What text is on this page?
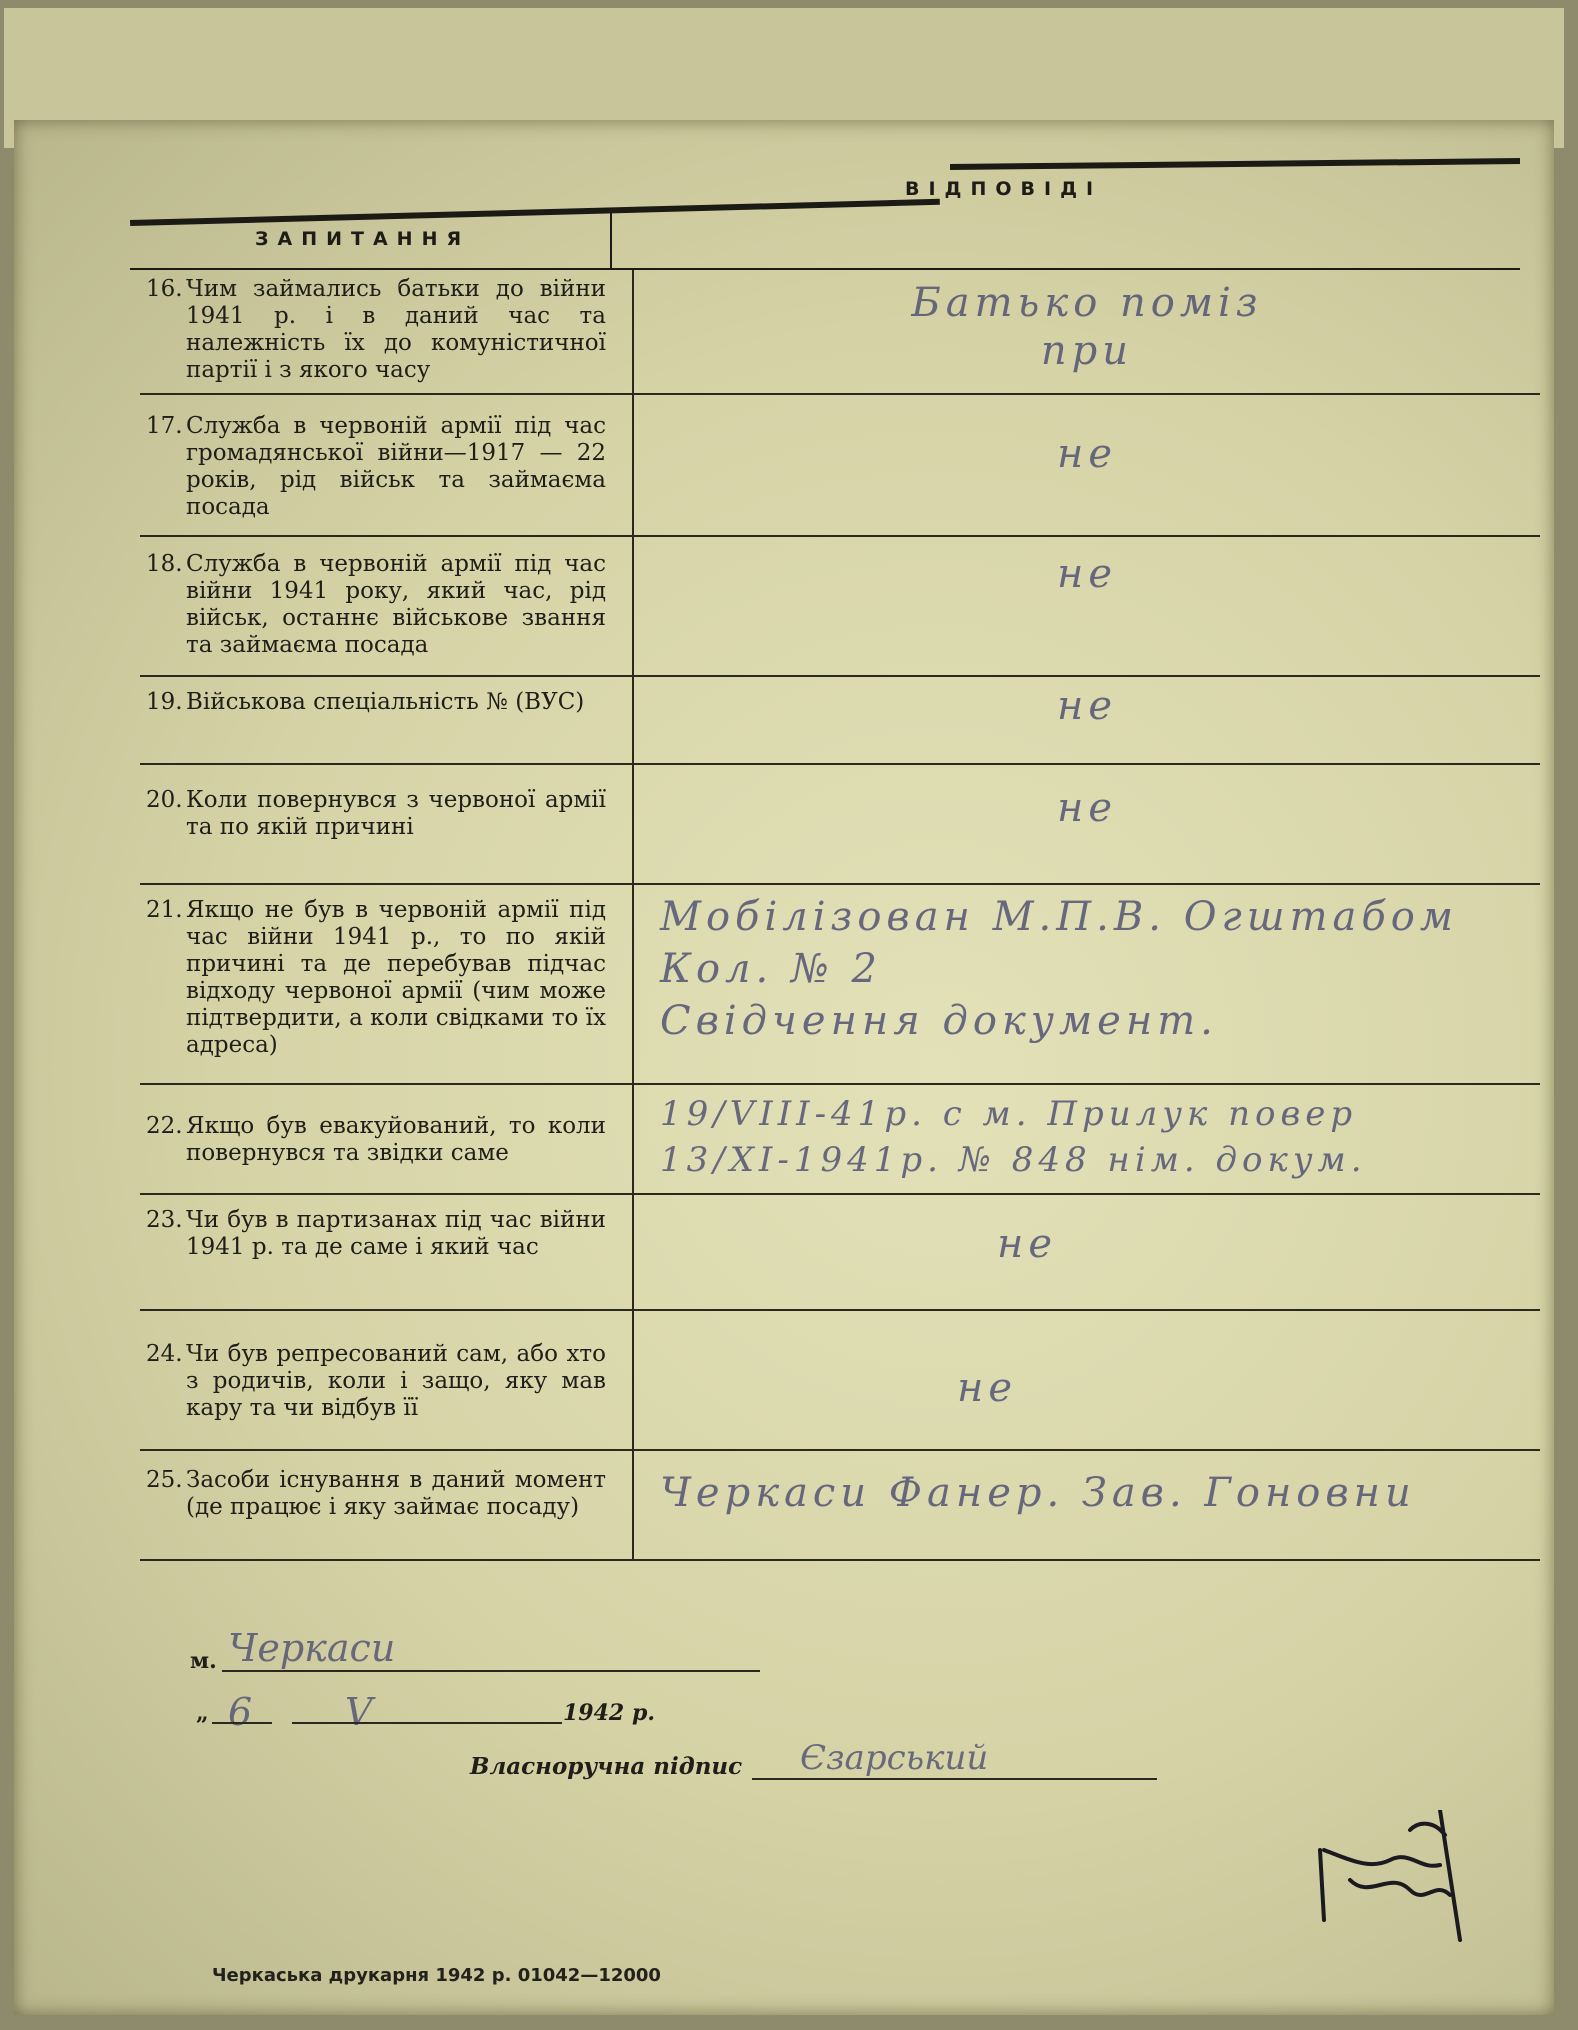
ЗАПИТАННЯ
ВІДПОВІДІ
16. Чим займались батьки до війни 1941 р. і в даний час та належність їх до комуністичної партії і з якого часу	Батько поміз
при

17. Служба в червоній армії під час громадянської війни—1917 — 22 років, рід військ та займаєма посада	не

18. Служба в червоній армії під час війни 1941 року, який час, рід військ, останнє військове звання та займаєма посада	не

19. Військова спеціальність № (ВУС)	не

20. Коли повернувся з червоної армії та по якій причині	не

21. Якщо не був в червоній армії під час війни 1941 р., то по якій причині та де перебував підчас відходу червоної армії (чим може підтвердити, а коли свідками то їх адреса)	Мобілізован М.П.В. Огштабом
Кол. № 2
Свідчення документ.

22. Якщо був евакуйований, то коли повернувся та звідки саме	19/VIII-41р. с м. Прилук повер
13/XI-1941р. № 848 нім. докум.

23. Чи був в партизанах під час війни 1941 р. та де саме і який час	не

24. Чи був репресований сам, або хто з родичів, коли і защо, яку мав кару та чи відбув її	не

25. Засоби існування в даний момент (де працює і яку займає посаду)	Черкаси Фанер. Зав. Гоновни
м. Черкаси
„ 6 V	1942 р.
Власноручна підпис Єзарський
Черкаська друкарня 1942 р. 01042—12000
